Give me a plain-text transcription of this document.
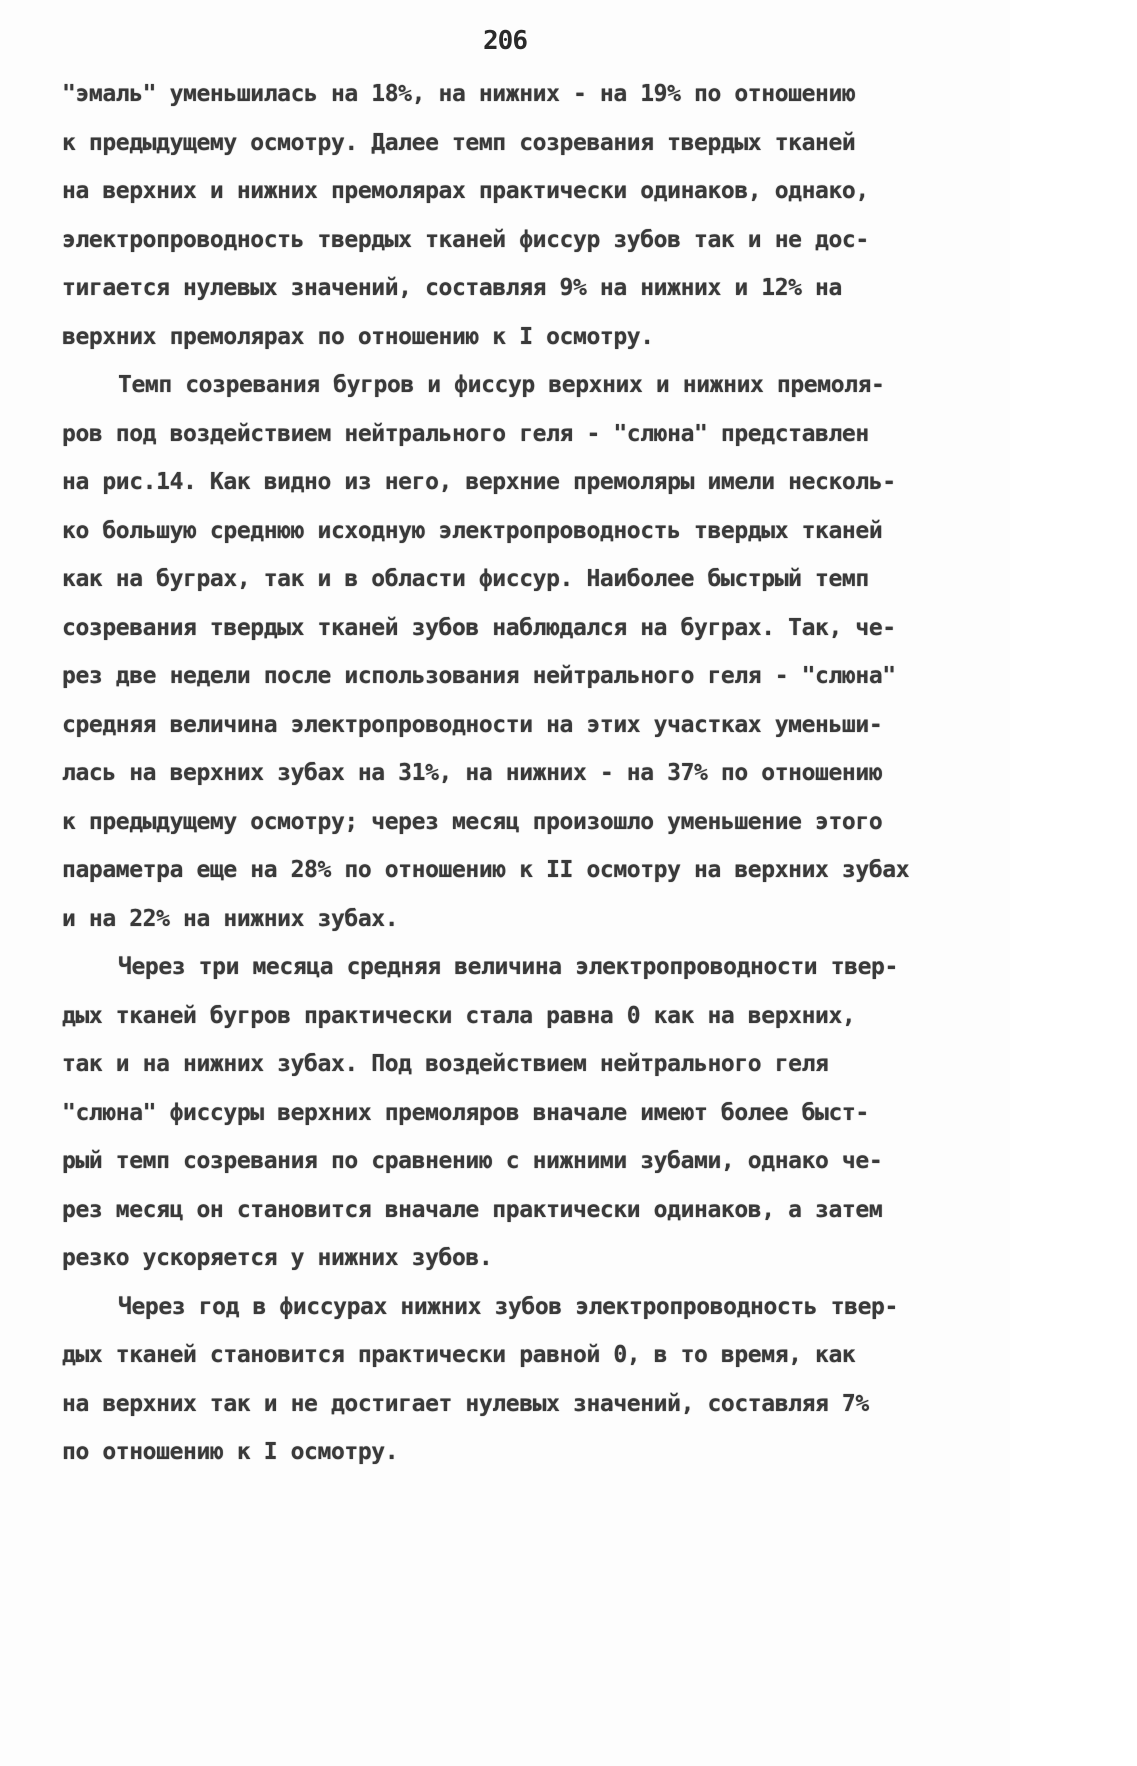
206
"эмаль" уменьшилась на 18%, на нижних - на 19% по отношению
к предыдущему осмотру. Далее темп созревания твердых тканей
на верхних и нижних премолярах практически одинаков, однако,
электропроводность твердых тканей фиссур зубов так и не дос-
тигается нулевых значений, составляя 9% на нижних и 12% на
верхних премолярах по отношению к I осмотру.
Темп созревания бугров и фиссур верхних и нижних премоля-
ров под воздействием нейтрального геля - "слюна" представлен
на рис.14. Как видно из него, верхние премоляры имели несколь-
ко большую среднюю исходную электропроводность твердых тканей
как на буграх, так и в области фиссур. Наиболее быстрый темп
созревания твердых тканей зубов наблюдался на буграх. Так, че-
рез две недели после использования нейтрального геля - "слюна"
средняя величина электропроводности на этих участках уменьши-
лась на верхних зубах на 31%, на нижних - на 37% по отношению
к предыдущему осмотру; через месяц произошло уменьшение этого
параметра еще на 28% по отношению к II осмотру на верхних зубах
и на 22% на нижних зубах.
Через три месяца средняя величина электропроводности твер-
дых тканей бугров практически стала равна 0 как на верхних,
так и на нижних зубах. Под воздействием нейтрального геля
"слюна" фиссуры верхних премоляров вначале имеют более быст-
рый темп созревания по сравнению с нижними зубами, однако че-
рез месяц он становится вначале практически одинаков, а затем
резко ускоряется у нижних зубов.
Через год в фиссурах нижних зубов электропроводность твер-
дых тканей становится практически равной 0, в то время, как
на верхних так и не достигает нулевых значений, составляя 7%
по отношению к I осмотру.
